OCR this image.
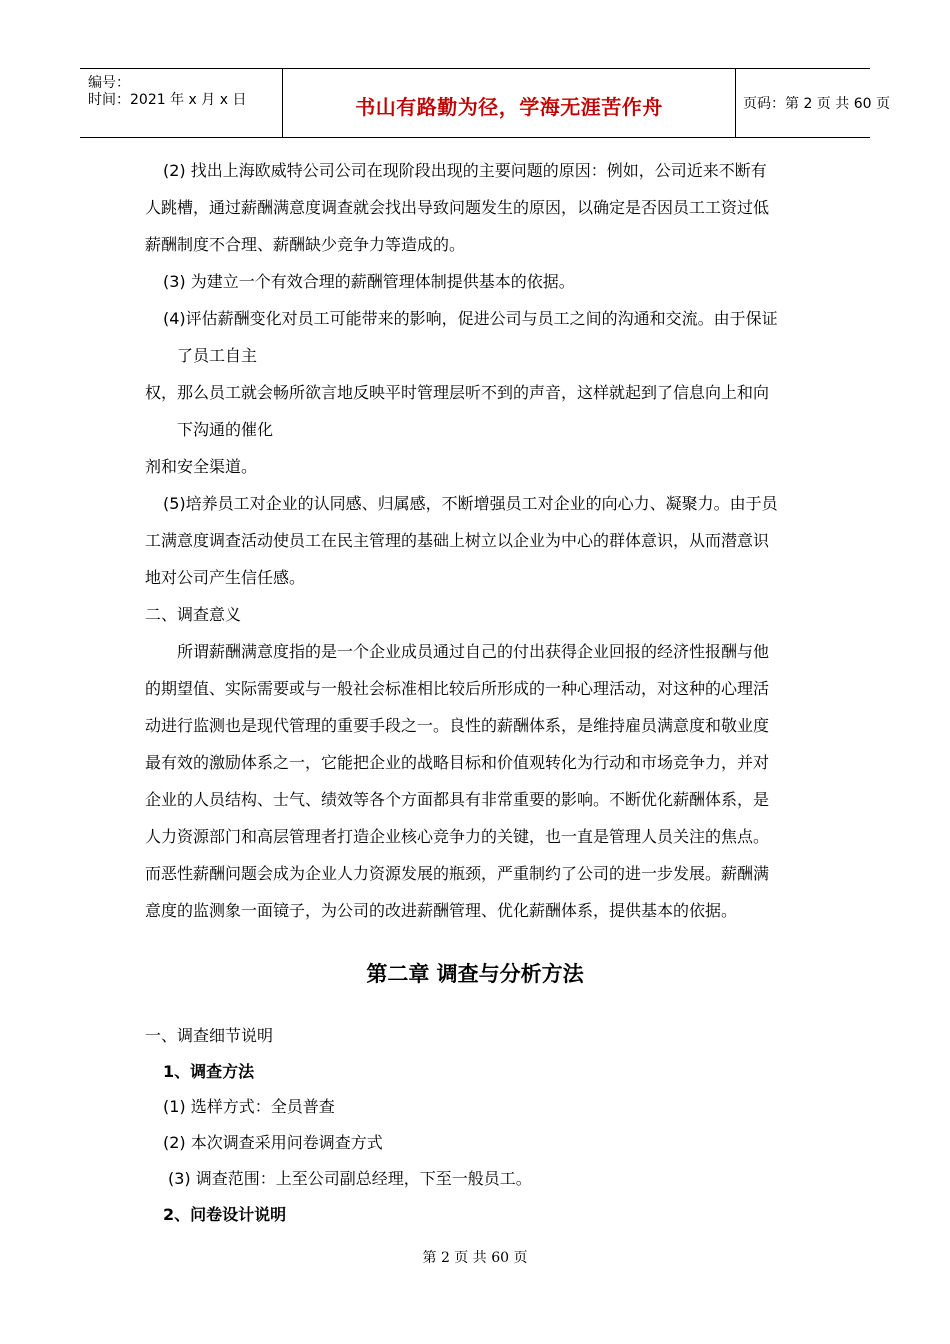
编号：
时间：2021 年 x 月 x 日	书山有路勤为径，学海无涯苦作舟	页码：第 2 页 共 60 页
(2) 找出上海欧威特公司公司在现阶段出现的主要问题的原因：例如，公司近来不断有
人跳槽，通过薪酬满意度调查就会找出导致问题发生的原因，以确定是否因员工工资过低
薪酬制度不合理、薪酬缺少竞争力等造成的。
(3) 为建立一个有效合理的薪酬管理体制提供基本的依据。
(4)评估薪酬变化对员工可能带来的影响，促进公司与员工之间的沟通和交流。由于保证
了员工自主
权，那么员工就会畅所欲言地反映平时管理层听不到的声音，这样就起到了信息向上和向
下沟通的催化
剂和安全渠道。
(5)培养员工对企业的认同感、归属感，不断增强员工对企业的向心力、凝聚力。由于员
工满意度调查活动使员工在民主管理的基础上树立以企业为中心的群体意识，从而潜意识
地对公司产生信任感。
二、调查意义
所谓薪酬满意度指的是一个企业成员通过自己的付出获得企业回报的经济性报酬与他
的期望值、实际需要或与一般社会标准相比较后所形成的一种心理活动，对这种的心理活
动进行监测也是现代管理的重要手段之一。良性的薪酬体系，是维持雇员满意度和敬业度
最有效的激励体系之一，它能把企业的战略目标和价值观转化为行动和市场竞争力，并对
企业的人员结构、士气、绩效等各个方面都具有非常重要的影响。不断优化薪酬体系，是
人力资源部门和高层管理者打造企业核心竞争力的关键，也一直是管理人员关注的焦点。
而恶性薪酬问题会成为企业人力资源发展的瓶颈，严重制约了公司的进一步发展。薪酬满
意度的监测象一面镜子，为公司的改进薪酬管理、优化薪酬体系，提供基本的依据。
第二章 调查与分析方法
一、调查细节说明
1、调查方法
(1) 选样方式：全员普查
(2) 本次调查采用问卷调查方式
(3) 调查范围：上至公司副总经理，下至一般员工。
2、问卷设计说明
第 2 页 共 60 页
